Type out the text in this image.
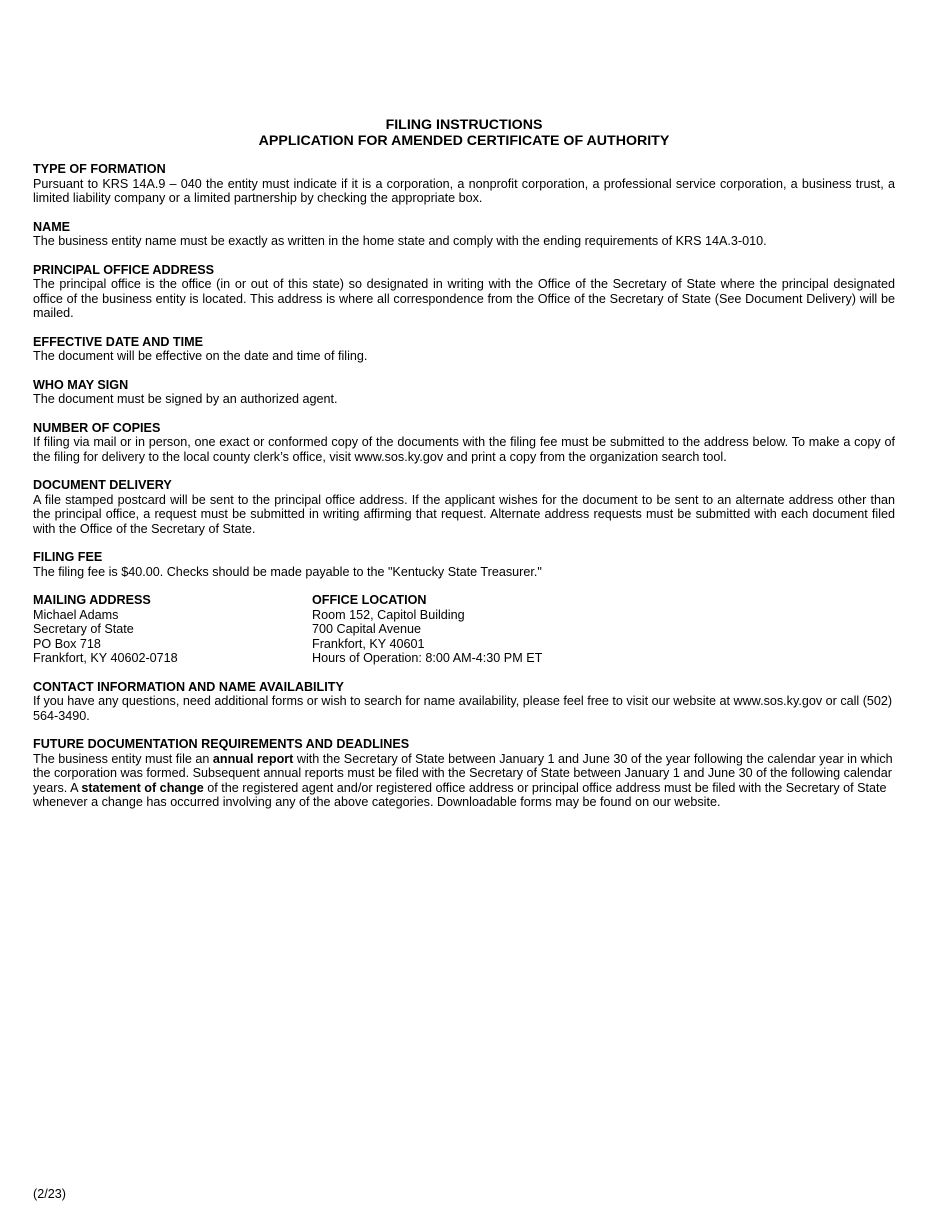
FILING INSTRUCTIONS
APPLICATION FOR AMENDED CERTIFICATE OF AUTHORITY
TYPE OF FORMATION

Pursuant to KRS 14A.9 – 040 the entity must indicate if it is a corporation, a nonprofit corporation, a professional service corporation, a business trust, a limited liability company or a limited partnership by checking the appropriate box.

NAME

The business entity name must be exactly as written in the home state and comply with the ending requirements of KRS 14A.3-010.

PRINCIPAL OFFICE ADDRESS

The principal office is the office (in or out of this state) so designated in writing with the Office of the Secretary of State where the principal designated office of the business entity is located. This address is where all correspondence from the Office of the Secretary of State (See Document Delivery) will be mailed.

EFFECTIVE DATE AND TIME

The document will be effective on the date and time of filing.

WHO MAY SIGN

The document must be signed by an authorized agent.

NUMBER OF COPIES

If filing via mail or in person, one exact or conformed copy of the documents with the filing fee must be submitted to the address below. To make a copy of the filing for delivery to the local county clerk’s office, visit www.sos.ky.gov and print a copy from the organization search tool.

DOCUMENT DELIVERY

A file stamped postcard will be sent to the principal office address. If the applicant wishes for the document to be sent to an alternate address other than the principal office, a request must be submitted in writing affirming that request. Alternate address requests must be submitted with each document filed with the Office of the Secretary of State.

FILING FEE

The filing fee is $40.00. Checks should be made payable to the "Kentucky State Treasurer."

MAILING ADDRESS
Michael Adams
Secretary of State
PO Box 718
Frankfort, KY 40602-0718
OFFICE LOCATION
Room 152, Capitol Building
700 Capital Avenue
Frankfort, KY 40601
Hours of Operation: 8:00 AM-4:30 PM ET
CONTACT INFORMATION AND NAME AVAILABILITY

If you have any questions, need additional forms or wish to search for name availability, please feel free to visit our website at www.sos.ky.gov or call (502) 564-3490.

FUTURE DOCUMENTATION REQUIREMENTS AND DEADLINES

The business entity must file an annual report with the Secretary of State between January 1 and June 30 of the year following the calendar year in which the corporation was formed. Subsequent annual reports must be filed with the Secretary of State between January 1 and June 30 of the following calendar years. A statement of change of the registered agent and/or registered office address or principal office address must be filed with the Secretary of State whenever a change has occurred involving any of the above categories. Downloadable forms may be found on our website.

(2/23)
